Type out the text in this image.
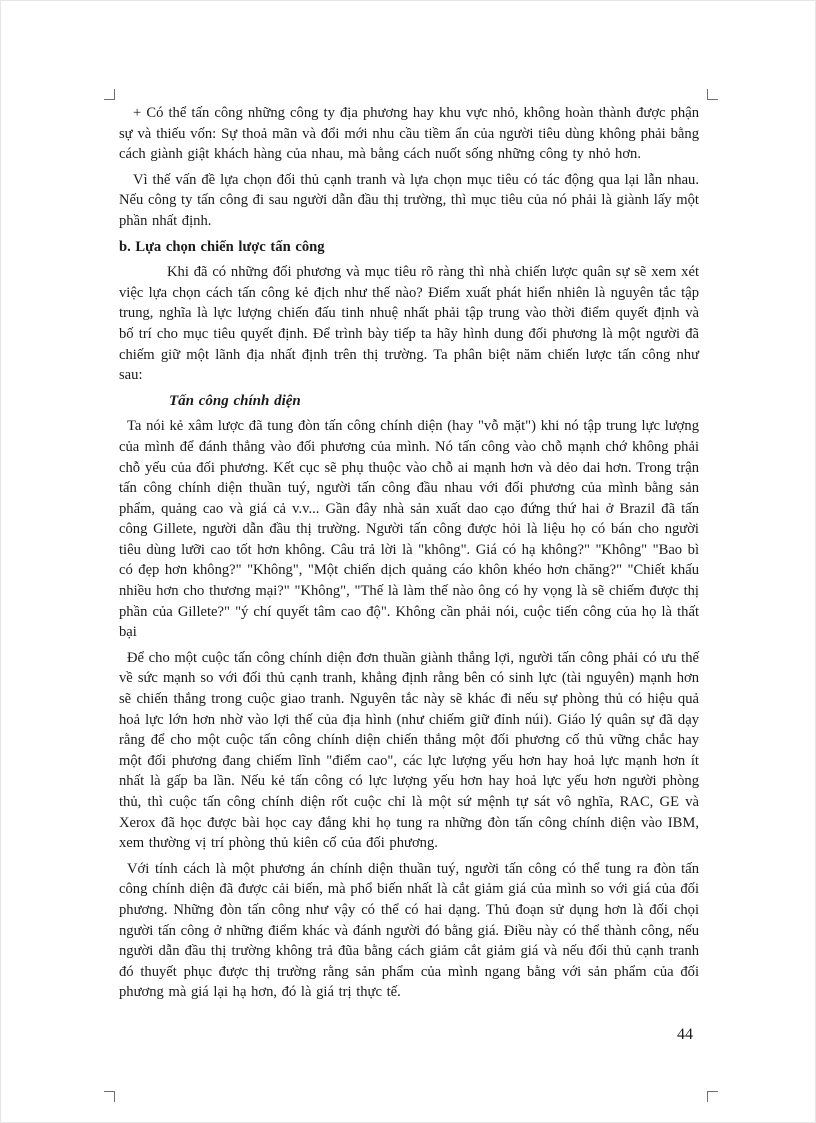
+ Có thể tấn công những công ty địa phương hay khu vực nhỏ, không hoàn thành được phận sự và thiếu vốn: Sự thoả mãn và đổi mới nhu cầu tiềm ẩn của người tiêu dùng không phải bằng cách giành giật khách hàng của nhau, mà bằng cách nuốt sống những công ty nhỏ hơn.

Vì thế vấn đề lựa chọn đối thủ cạnh tranh và lựa chọn mục tiêu có tác động qua lại lẫn nhau. Nếu công ty tấn công đi sau người dẫn đầu thị trường, thì mục tiêu của nó phải là giành lấy một phần nhất định.

b. Lựa chọn chiến lược tấn công

Khi đã có những đối phương và mục tiêu rõ ràng thì nhà chiến lược quân sự sẽ xem xét việc lựa chọn cách tấn công kẻ địch như thế nào? Điểm xuất phát hiển nhiên là nguyên tắc tập trung, nghĩa là lực lượng chiến đấu tinh nhuệ nhất phải tập trung vào thời điểm quyết định và bố trí cho mục tiêu quyết định. Để trình bày tiếp ta hãy hình dung đối phương là một người đã chiếm giữ một lãnh địa nhất định trên thị trường. Ta phân biệt năm chiến lược tấn công như sau:

Tấn công chính diện

Ta nói kẻ xâm lược đã tung đòn tấn công chính diện (hay "vỗ mặt") khi nó tập trung lực lượng của mình để đánh thẳng vào đối phương của mình. Nó tấn công vào chỗ mạnh chớ không phải chỗ yếu của đối phương. Kết cục sẽ phụ thuộc vào chỗ ai mạnh hơn và dẻo dai hơn. Trong trận tấn công chính diện thuần tuý, người tấn công đầu nhau với đối phương của mình bằng sản phẩm, quảng cao và giá cả v.v... Gần đây nhà sản xuất dao cạo đứng thứ hai ở Brazil đã tấn công Gillete, người dẫn đầu thị trường. Người tấn công được hỏi là liệu họ có bán cho người tiêu dùng lưỡi cao tốt hơn không. Câu trả lời là "không". Giá có hạ không?" "Không" "Bao bì có đẹp hơn không?" "Không", "Một chiến dịch quảng cáo khôn khéo hơn chăng?" "Chiết khấu nhiều hơn cho thương mại?" "Không", "Thế là làm thế nào ông có hy vọng là sẽ chiếm được thị phần của Gillete?" "ý chí quyết tâm cao độ". Không cần phải nói, cuộc tiến công của họ là thất bại

Để cho một cuộc tấn công chính diện đơn thuần giành thắng lợi, người tấn công phải có ưu thế về sức mạnh so với đối thủ cạnh tranh, khẳng định rằng bên có sinh lực (tài nguyên) mạnh hơn sẽ chiến thắng trong cuộc giao tranh. Nguyên tắc này sẽ khác đi nếu sự phòng thủ có hiệu quả hoả lực lớn hơn nhờ vào lợi thế của địa hình (như chiếm giữ đỉnh núi). Giáo lý quân sự đã dạy rằng để cho một cuộc tấn công chính diện chiến thắng một đối phương cố thủ vững chắc hay một đối phương đang chiếm lĩnh "điểm cao", các lực lượng yếu hơn hay hoả lực mạnh hơn ít nhất là gấp ba lần. Nếu kẻ tấn công có lực lượng yếu hơn hay hoả lực yếu hơn người phòng thủ, thì cuộc tấn công chính diện rốt cuộc chỉ là một sứ mệnh tự sát vô nghĩa, RAC, GE và Xerox đã học được bài học cay đắng khi họ tung ra những đòn tấn công chính diện vào IBM, xem thường vị trí phòng thủ kiên cố của đối phương.

Với tính cách là một phương án chính diện thuần tuý, người tấn công có thể tung ra đòn tấn công chính diện đã được cải biến, mà phổ biến nhất là cắt giảm giá của mình so với giá của đối phương. Những đòn tấn công như vậy có thể có hai dạng. Thủ đoạn sử dụng hơn là đối chọi người tấn công ở những điểm khác và đánh người đó bằng giá. Điều này có thể thành công, nếu người dẫn đầu thị trường không trả đũa bằng cách giảm cắt giảm giá và nếu đối thủ cạnh tranh đó thuyết phục được thị trường rằng sản phẩm của mình ngang bằng với sản phẩm của đối phương mà giá lại hạ hơn, đó là giá trị thực tế.

44
